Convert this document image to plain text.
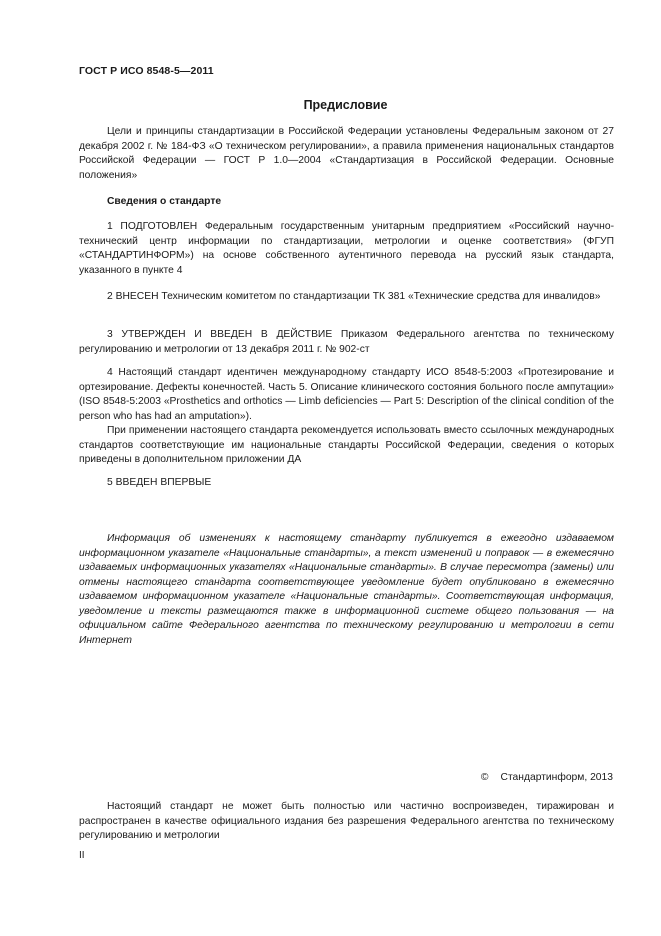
ГОСТ Р ИСО 8548-5—2011
Предисловие

Цели и принципы стандартизации в Российской Федерации установлены Федеральным законом от 27 декабря 2002 г. № 184-ФЗ «О техническом регулировании», а правила применения национальных стандартов Российской Федерации — ГОСТ Р 1.0—2004 «Стандартизация в Российской Федерации. Основные положения»

Сведения о стандарте

1 ПОДГОТОВЛЕН Федеральным государственным унитарным предприятием «Российский научно-технический центр информации по стандартизации, метрологии и оценке соответствия» (ФГУП «СТАНДАРТИНФОРМ») на основе собственного аутентичного перевода на русский язык стандарта, указанного в пункте 4

2 ВНЕСЕН Техническим комитетом по стандартизации ТК 381 «Технические средства для инвалидов»

3 УТВЕРЖДЕН И ВВЕДЕН В ДЕЙСТВИЕ Приказом Федерального агентства по техническому регулированию и метрологии от 13 декабря 2011 г. № 902-ст

4 Настоящий стандарт идентичен международному стандарту ИСО 8548-5:2003 «Протезирование и ортезирование. Дефекты конечностей. Часть 5. Описание клинического состояния больного после ампутации» (ISO 8548-5:2003 «Prosthetics and orthotics — Limb deficiencies — Part 5: Description of the clinical condition of the person who has had an amputation»).

При применении настоящего стандарта рекомендуется использовать вместо ссылочных международных стандартов соответствующие им национальные стандарты Российской Федерации, сведения о которых приведены в дополнительном приложении ДА

5 ВВЕДЕН ВПЕРВЫЕ

Информация об изменениях к настоящему стандарту публикуется в ежегодно издаваемом информационном указателе «Национальные стандарты», а текст изменений и поправок — в ежемесячно издаваемых информационных указателях «Национальные стандарты». В случае пересмотра (замены) или отмены настоящего стандарта соответствующее уведомление будет опубликовано в ежемесячно издаваемом информационном указателе «Национальные стандарты». Соответствующая информация, уведомление и тексты размещаются также в информационной системе общего пользования — на официальном сайте Федерального агентства по техническому регулированию и метрологии в сети Интернет

© Стандартинформ, 2013

Настоящий стандарт не может быть полностью или частично воспроизведен, тиражирован и распространен в качестве официального издания без разрешения Федерального агентства по техническому регулированию и метрологии

II
